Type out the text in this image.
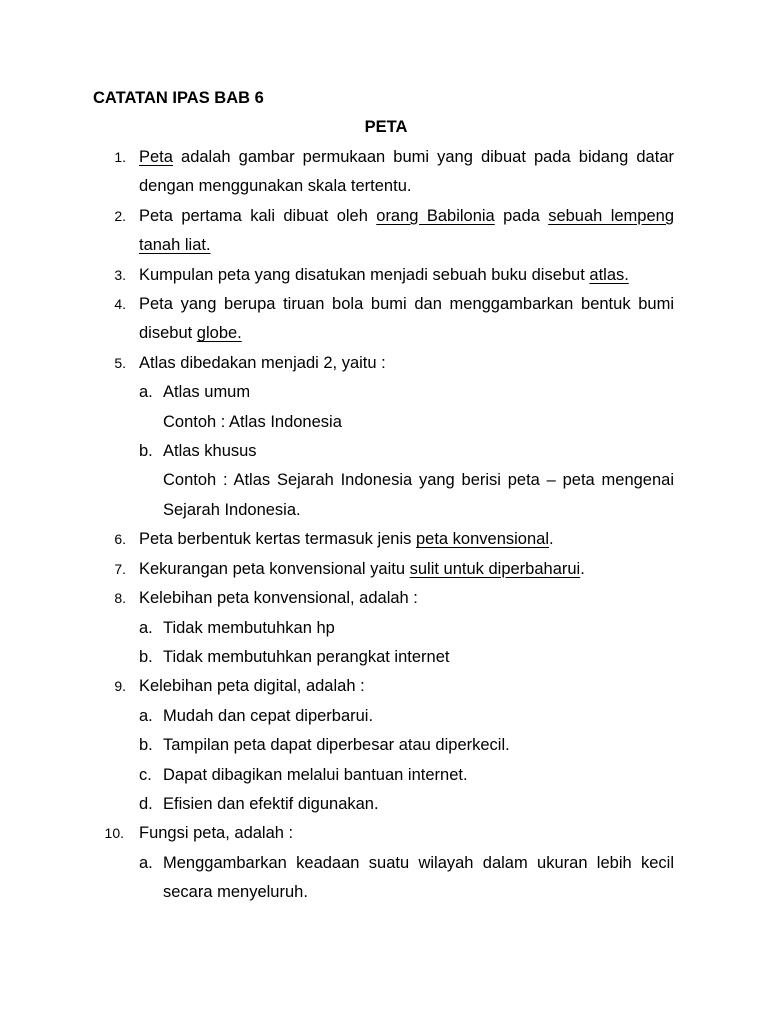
CATATAN IPAS BAB 6
PETA
1. Peta adalah gambar permukaan bumi yang dibuat pada bidang datar dengan menggunakan skala tertentu.
2. Peta pertama kali dibuat oleh orang Babilonia pada sebuah lempeng tanah liat.
3. Kumpulan peta yang disatukan menjadi sebuah buku disebut atlas.
4. Peta yang berupa tiruan bola bumi dan menggambarkan bentuk bumi disebut globe.
5. Atlas dibedakan menjadi 2, yaitu :
a. Atlas umum
Contoh : Atlas Indonesia
b. Atlas khusus
Contoh : Atlas Sejarah Indonesia yang berisi peta – peta mengenai Sejarah Indonesia.
6. Peta berbentuk kertas termasuk jenis peta konvensional.
7. Kekurangan peta konvensional yaitu sulit untuk diperbaharui.
8. Kelebihan peta konvensional, adalah :
a. Tidak membutuhkan hp
b. Tidak membutuhkan perangkat internet
9. Kelebihan peta digital, adalah :
a. Mudah dan cepat diperbarui.
b. Tampilan peta dapat diperbesar atau diperkecil.
c. Dapat dibagikan melalui bantuan internet.
d. Efisien dan efektif digunakan.
10. Fungsi peta, adalah :
a. Menggambarkan keadaan suatu wilayah dalam ukuran lebih kecil secara menyeluruh.
